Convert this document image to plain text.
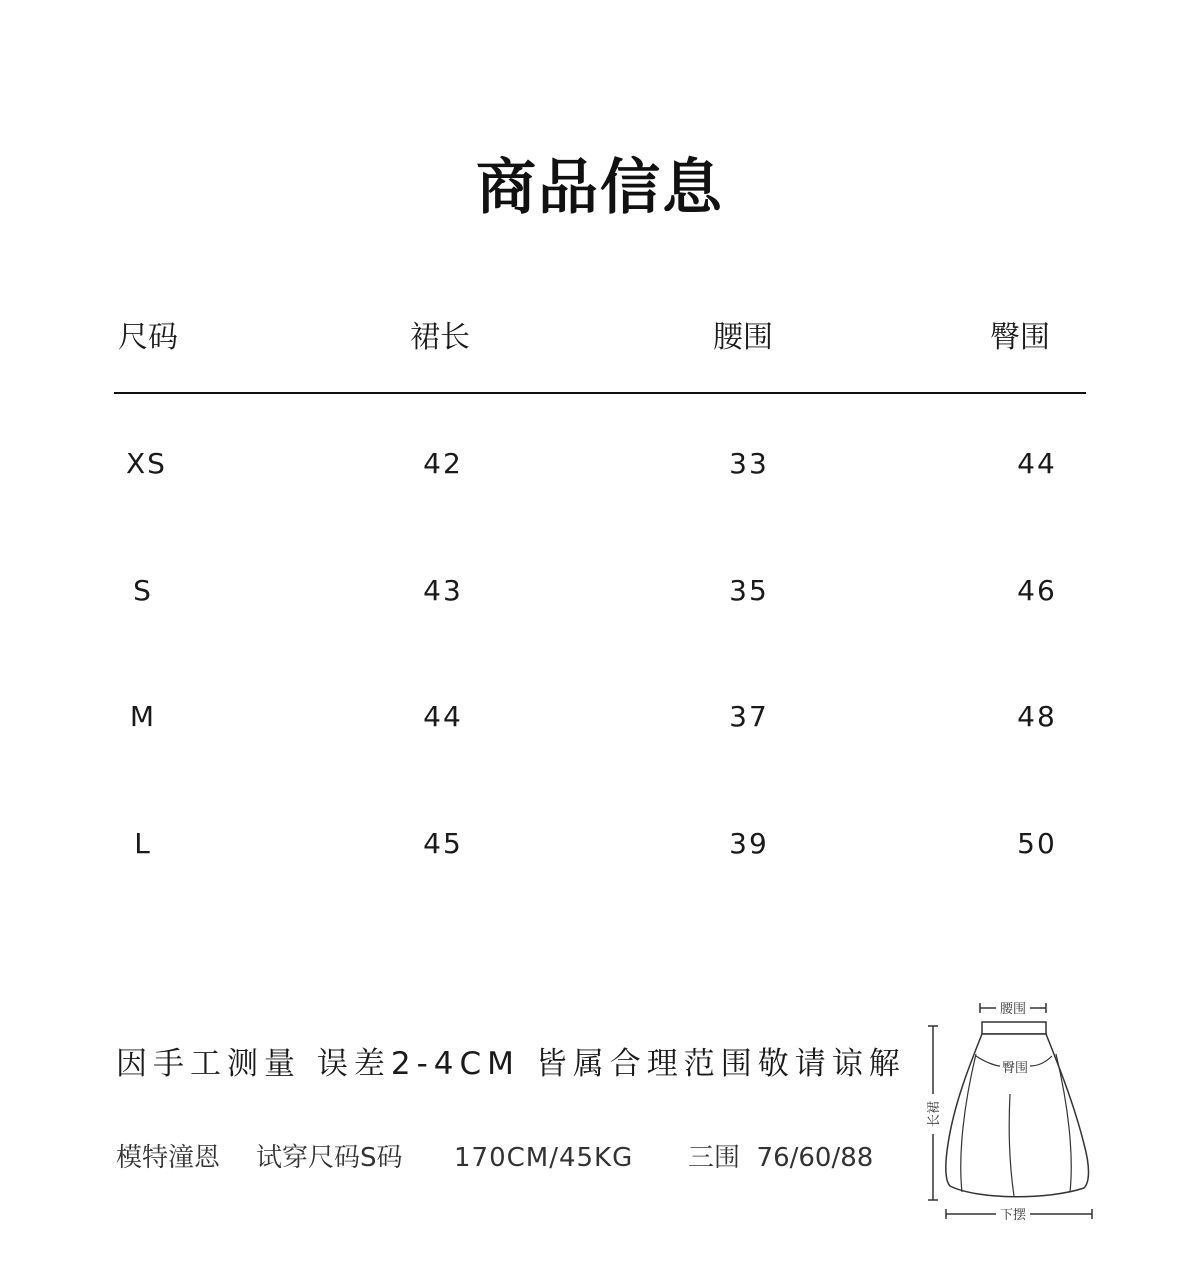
商品信息
尺码	裙长	腰围	臀围
XS	42	33	44
S	43	35	46
M	44	37	48
L	45	39	50
因手工测量 误差2-4CM 皆属合理范围敬请谅解
模特潼恩 试穿尺码S码 170CM/45KG 三围  76/60/88
腰围
臀围
长裙
下摆
